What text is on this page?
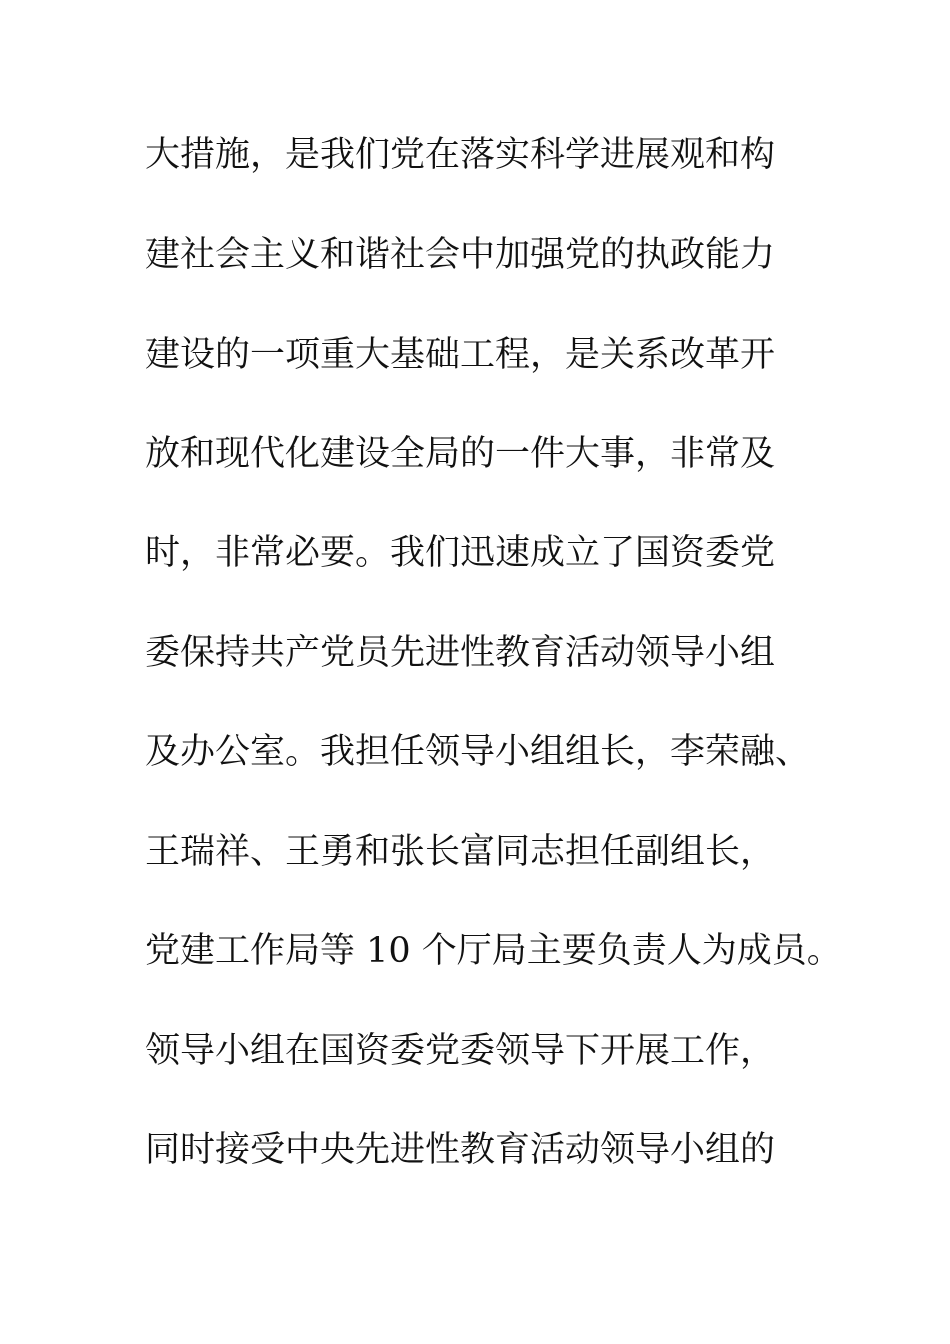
大措施，是我们党在落实科学进展观和构

建社会主义和谐社会中加强党的执政能力

建设的一项重大基础工程，是关系改革开

放和现代化建设全局的一件大事，非常及

时，非常必要。我们迅速成立了国资委党

委保持共产党员先进性教育活动领导小组

及办公室。我担任领导小组组长，李荣融、

王瑞祥、王勇和张长富同志担任副组长，

党建工作局等 10 个厅局主要负责人为成员。

领导小组在国资委党委领导下开展工作，

同时接受中央先进性教育活动领导小组的
